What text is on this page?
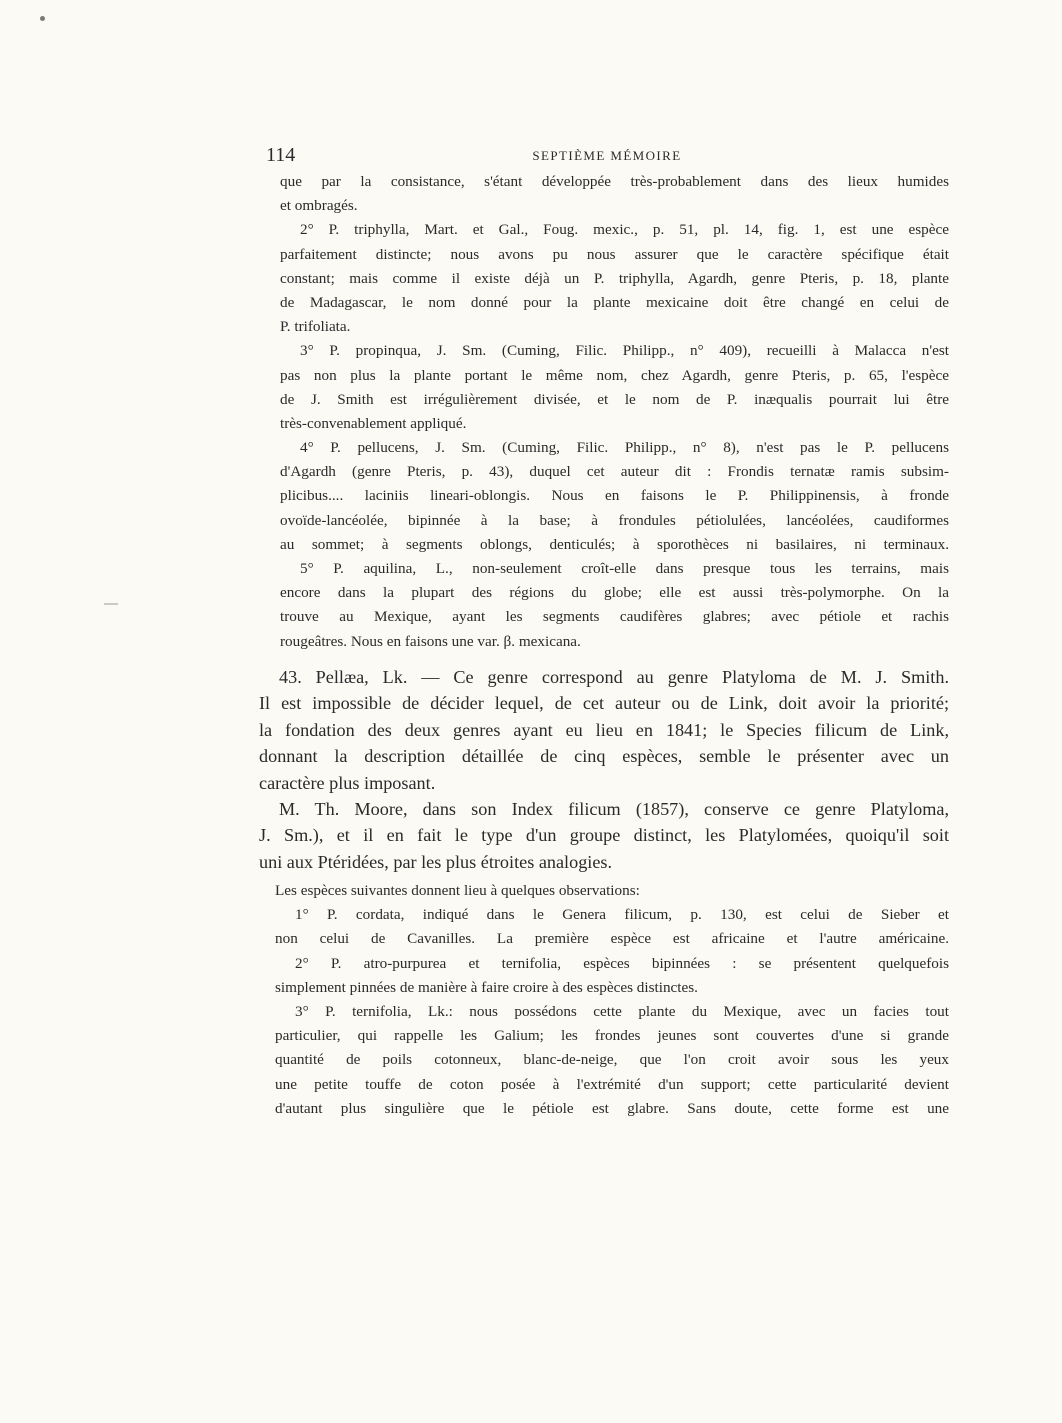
114	SEPTIÈME MÉMOIRE
que par la consistance, s'étant développée très-probablement dans des lieux humides
et ombragés.
2° P. triphylla, Mart. et Gal., Foug. mexic., p. 51, pl. 14, fig. 1, est une espèce
parfaitement distincte; nous avons pu nous assurer que le caractère spécifique était
constant; mais comme il existe déjà un P. triphylla, Agardh, genre Pteris, p. 18, plante
de Madagascar, le nom donné pour la plante mexicaine doit être changé en celui de
P. trifoliata.
3° P. propinqua, J. Sm. (Cuming, Filic. Philipp., n° 409), recueilli à Malacca n'est
pas non plus la plante portant le même nom, chez Agardh, genre Pteris, p. 65, l'espèce
de J. Smith est irrégulièrement divisée, et le nom de P. inæqualis pourrait lui être
très-convenablement appliqué.
4° P. pellucens, J. Sm. (Cuming, Filic. Philipp., n° 8), n'est pas le P. pellucens
d'Agardh (genre Pteris, p. 43), duquel cet auteur dit : Frondis ternatæ ramis subsim-
plicibus.... laciniis lineari-oblongis. Nous en faisons le P. Philippinensis, à fronde
ovoïde-lancéolée, bipinnée à la base; à frondules pétiolulées, lancéolées, caudiformes
au sommet; à segments oblongs, denticulés; à sporothèces ni basilaires, ni terminaux.
5° P. aquilina, L., non-seulement croît-elle dans presque tous les terrains, mais
encore dans la plupart des régions du globe; elle est aussi très-polymorphe. On la
trouve au Mexique, ayant les segments caudifères glabres; avec pétiole et rachis
rougeâtres. Nous en faisons une var. β. mexicana.
43. Pellæa, Lk. — Ce genre correspond au genre Platyloma de M. J. Smith.
Il est impossible de décider lequel, de cet auteur ou de Link, doit avoir la priorité;
la fondation des deux genres ayant eu lieu en 1841; le Species filicum de Link,
donnant la description détaillée de cinq espèces, semble le présenter avec un
caractère plus imposant.
M. Th. Moore, dans son Index filicum (1857), conserve ce genre Platyloma,
J. Sm.), et il en fait le type d'un groupe distinct, les Platylomées, quoiqu'il soit
uni aux Ptéridées, par les plus étroites analogies.
Les espèces suivantes donnent lieu à quelques observations:
1° P. cordata, indiqué dans le Genera filicum, p. 130, est celui de Sieber et
non celui de Cavanilles. La première espèce est africaine et l'autre américaine.
2° P. atro-purpurea et ternifolia, espèces bipinnées : se présentent quelquefois
simplement pinnées de manière à faire croire à des espèces distinctes.
3° P. ternifolia, Lk.: nous possédons cette plante du Mexique, avec un facies tout
particulier, qui rappelle les Galium; les frondes jeunes sont couvertes d'une si grande
quantité de poils cotonneux, blanc-de-neige, que l'on croit avoir sous les yeux
une petite touffe de coton posée à l'extrémité d'un support; cette particularité devient
d'autant plus singulière que le pétiole est glabre. Sans doute, cette forme est une
